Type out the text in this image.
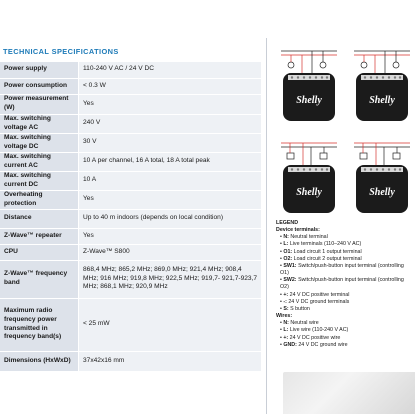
TECHNICAL SPECIFICATIONS
Power supply	110-240 V AC / 24 V DC
Power consumption	< 0.3 W
Power measurement (W)	Yes
Max. switching voltage AC	240 V
Max. switching voltage DC	30 V
Max. switching current AC	10 A per channel, 16 A total, 18 A total peak
Max. switching current DC	10 A
Overheating protection	Yes
Distance	Up to 40 m indoors (depends on local condition)
Z-Wave™ repeater	Yes
CPU	Z-Wave™ S800
Z-Wave™ frequency band	868,4 MHz; 865,2 MHz; 869,0 MHz; 921,4 MHz; 908,4 MHz; 916 MHz; 919,8 MHz; 922,5 MHz; 919,7- 921,7-923,7 MHz; 868,1 MHz; 920,9 MHz
Maximum radio frequency power transmitted in frequency band(s)	< 25 mW
Dimensions (HxWxD)	37x42x16 mm
Shelly	Shelly
Shelly	Shelly
LEGEND
Device terminals:
• N: Neutral terminal
• L: Live terminals (110–240 V AC)
• O1: Load circuit 1 output terminal
• O2: Load circuit 2 output terminal
• SW1: Switch/push-button input terminal (controlling O1)
• SW2: Switch/push-button input terminal (controlling O2)
• +: 24 V DC positive terminal
• -: 24 V DC ground terminals
• S: S button
Wires:
• N: Neutral wire
• L: Live wire (110-240 V AC)
• +: 24 V DC positive wire
• GND: 24 V DC ground wire
